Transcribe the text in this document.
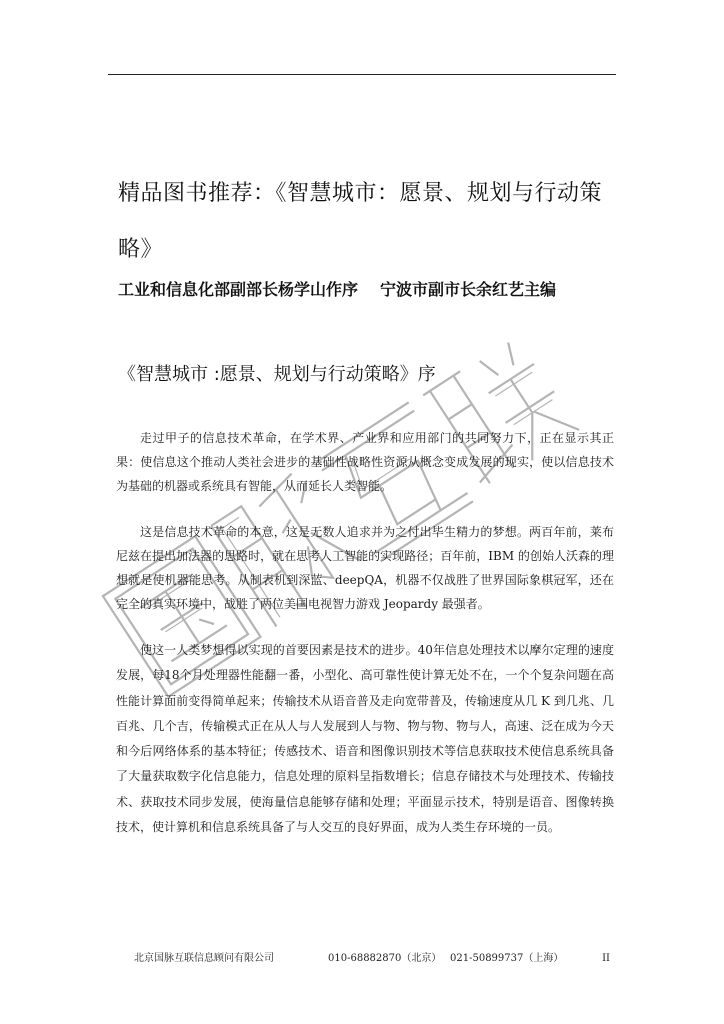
精品图书推荐：《智慧城市：愿景、规划与行动策
略》
工业和信息化部副部长杨学山作序 宁波市副市长余红艺主编
《智慧城市 :愿景、规划与行动策略》序

走过甲子的信息技术革命，在学术界、产业界和应用部门的共同努力下，正在显示其正果：使信息这个推动人类社会进步的基础性战略性资源从概念变成发展的现实，使以信息技术为基础的机器或系统具有智能，从而延长人类智能。

这是信息技术革命的本意，这是无数人追求并为之付出毕生精力的梦想。两百年前，莱布尼兹在提出加法器的思路时，就在思考人工智能的实现路径；百年前，IBM 的创始人沃森的理想就是使机器能思考。从制表机到深蓝、deepQA，机器不仅战胜了世界国际象棋冠军，还在完全的真实环境中，战胜了两位美国电视智力游戏 Jeopardy 最强者。

使这一人类梦想得以实现的首要因素是技术的进步。40年信息处理技术以摩尔定理的速度发展，每18个月处理器性能翻一番，小型化、高可靠性使计算无处不在，一个个复杂问题在高性能计算面前变得简单起来；传输技术从语音普及走向宽带普及，传输速度从几 K 到几兆、几百兆、几个吉，传输模式正在从人与人发展到人与物、物与物、物与人，高速、泛在成为今天和今后网络体系的基本特征；传感技术、语音和图像识别技术等信息获取技术使信息系统具备了大量获取数字化信息能力，信息处理的原料呈指数增长；信息存储技术与处理技术、传输技术、获取技术同步发展，使海量信息能够存储和处理；平面显示技术，特别是语音、图像转换技术，使计算机和信息系统具备了与人交互的良好界面，成为人类生存环境的一员。

北京国脉互联信息顾问有限公司	010-68882870（北京） 021-50899737（上海）	II
